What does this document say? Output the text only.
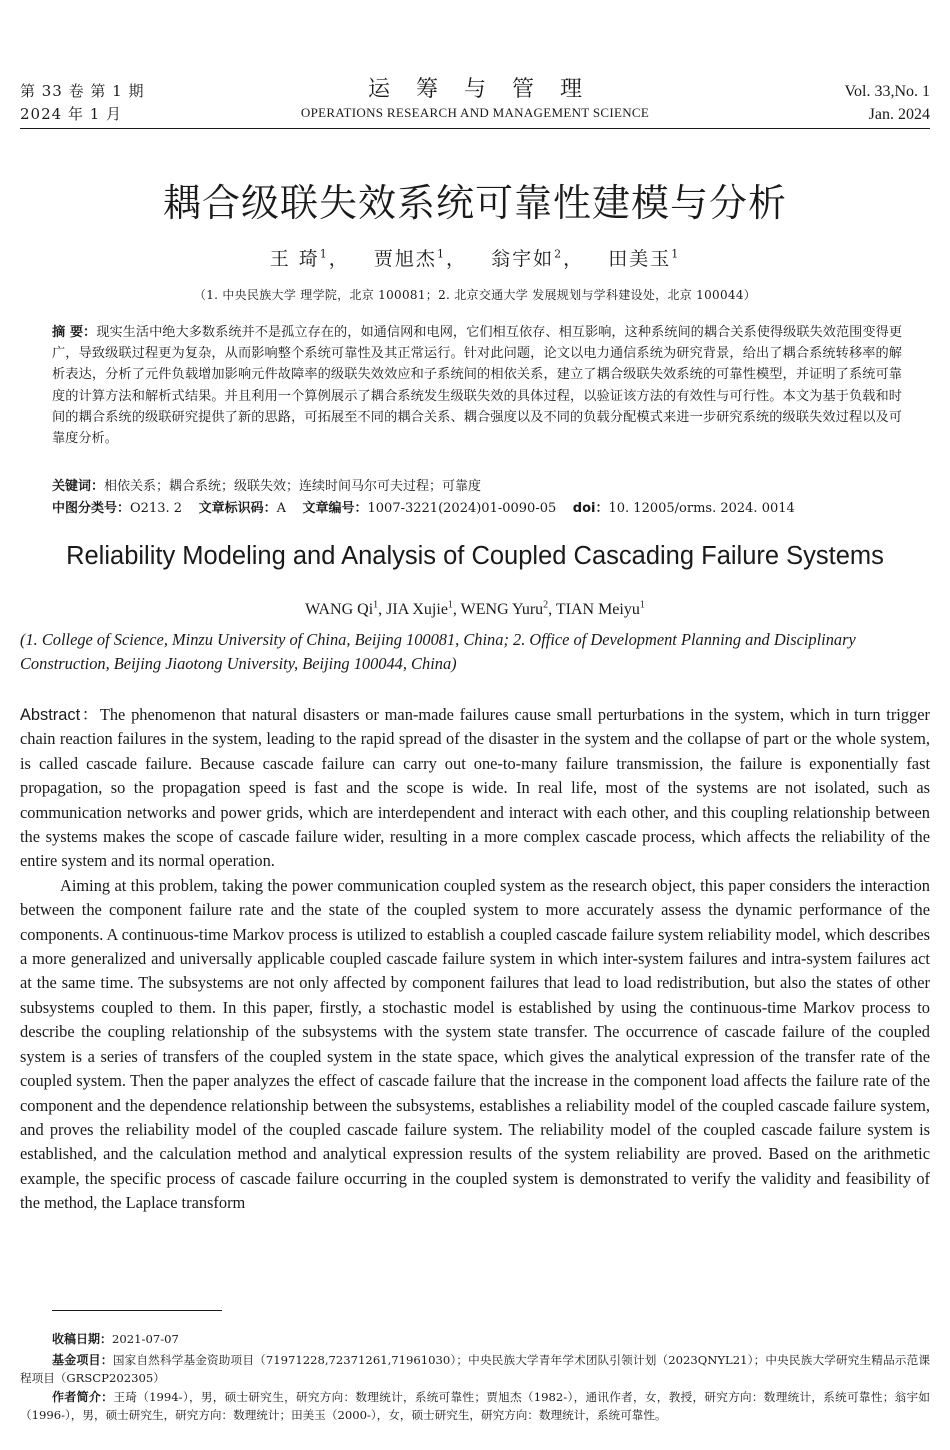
第 33 卷 第 1 期
2024 年 1 月
运筹与管理
OPERATIONS RESEARCH AND MANAGEMENT SCIENCE
Vol. 33,No. 1
Jan. 2024
耦合级联失效系统可靠性建模与分析
王 琦$^1$， 贾旭杰$^1$， 翁宇如$^2$， 田美玉$^1$
（1. 中央民族大学 理学院，北京 100081；2. 北京交通大学 发展规划与学科建设处，北京 100044）
摘 要：现实生活中绝大多数系统并不是孤立存在的，如通信网和电网，它们相互依存、相互影响，这种系统间的耦合关系使得级联失效范围变得更广，导致级联过程更为复杂，从而影响整个系统可靠性及其正常运行。针对此问题，论文以电力通信系统为研究背景，给出了耦合系统转移率的解析表达，分析了元件负载增加影响元件故障率的级联失效效应和子系统间的相依关系，建立了耦合级联失效系统的可靠性模型，并证明了系统可靠度的计算方法和解析式结果。并且利用一个算例展示了耦合系统发生级联失效的具体过程，以验证该方法的有效性与可行性。本文为基于负载和时间的耦合系统的级联研究提供了新的思路，可拓展至不同的耦合关系、耦合强度以及不同的负载分配模式来进一步研究系统的级联失效过程以及可靠度分析。
关键词：相依关系；耦合系统；级联失效；连续时间马尔可夫过程；可靠度
中图分类号：O213. 2 文章标识码：A 文章编号：1007-3221(2024)01-0090-05 doi：10. 12005/orms. 2024. 0014
Reliability Modeling and Analysis of Coupled Cascading Failure Systems
WANG Qi$^1$, JIA Xujie$^1$, WENG Yuru$^2$, TIAN Meiyu$^1$
(1. College of Science, Minzu University of China, Beijing 100081, China; 2. Office of Development Planning and Disciplinary Construction, Beijing Jiaotong University, Beijing 100044, China)

Abstract：The phenomenon that natural disasters or man-made failures cause small perturbations in the system, which in turn trigger chain reaction failures in the system, leading to the rapid spread of the disaster in the system and the collapse of part or the whole system, is called cascade failure. Because cascade failure can carry out one-to-many failure transmission, the failure is exponentially fast propagation, so the propagation speed is fast and the scope is wide. In real life, most of the systems are not isolated, such as communication networks and power grids, which are interdependent and interact with each other, and this coupling relationship between the systems makes the scope of cascade failure wider, resulting in a more complex cascade process, which affects the reliability of the entire system and its normal operation.

Aiming at this problem, taking the power communication coupled system as the research object, this paper considers the interaction between the component failure rate and the state of the coupled system to more accurately assess the dynamic performance of the components. A continuous-time Markov process is utilized to establish a coupled cascade failure system reliability model, which describes a more generalized and universally applicable coupled cascade failure system in which inter-system failures and intra-system failures act at the same time. The subsystems are not only affected by component failures that lead to load redistribution, but also the states of other subsystems coupled to them. In this paper, firstly, a stochastic model is established by using the continuous-time Markov process to describe the coupling relationship of the subsystems with the system state transfer. The occurrence of cascade failure of the coupled system is a series of transfers of the coupled system in the state space, which gives the analytical expression of the transfer rate of the coupled system. Then the paper analyzes the effect of cascade failure that the increase in the component load affects the failure rate of the component and the dependence relationship between the subsystems, establishes a reliability model of the coupled cascade failure system, and proves the reliability model of the coupled cascade failure system. The reliability model of the coupled cascade failure system is established, and the calculation method and analytical expression results of the system reliability are proved. Based on the arithmetic example, the specific process of cascade failure occurring in the coupled system is demonstrated to verify the validity and feasibility of the method, the Laplace transform

收稿日期：2021-07-07
基金项目：国家自然科学基金资助项目（71971228,72371261,71961030）；中央民族大学青年学术团队引领计划（2023QNYL21）；中央民族大学研究生精品示范课程项目（GRSCP202305）
作者简介：王琦（1994-），男，硕士研究生，研究方向：数理统计，系统可靠性；贾旭杰（1982-），通讯作者，女，教授，研究方向：数理统计，系统可靠性；翁宇如（1996-），男，硕士研究生，研究方向：数理统计；田美玉（2000-），女，硕士研究生，研究方向：数理统计，系统可靠性。
